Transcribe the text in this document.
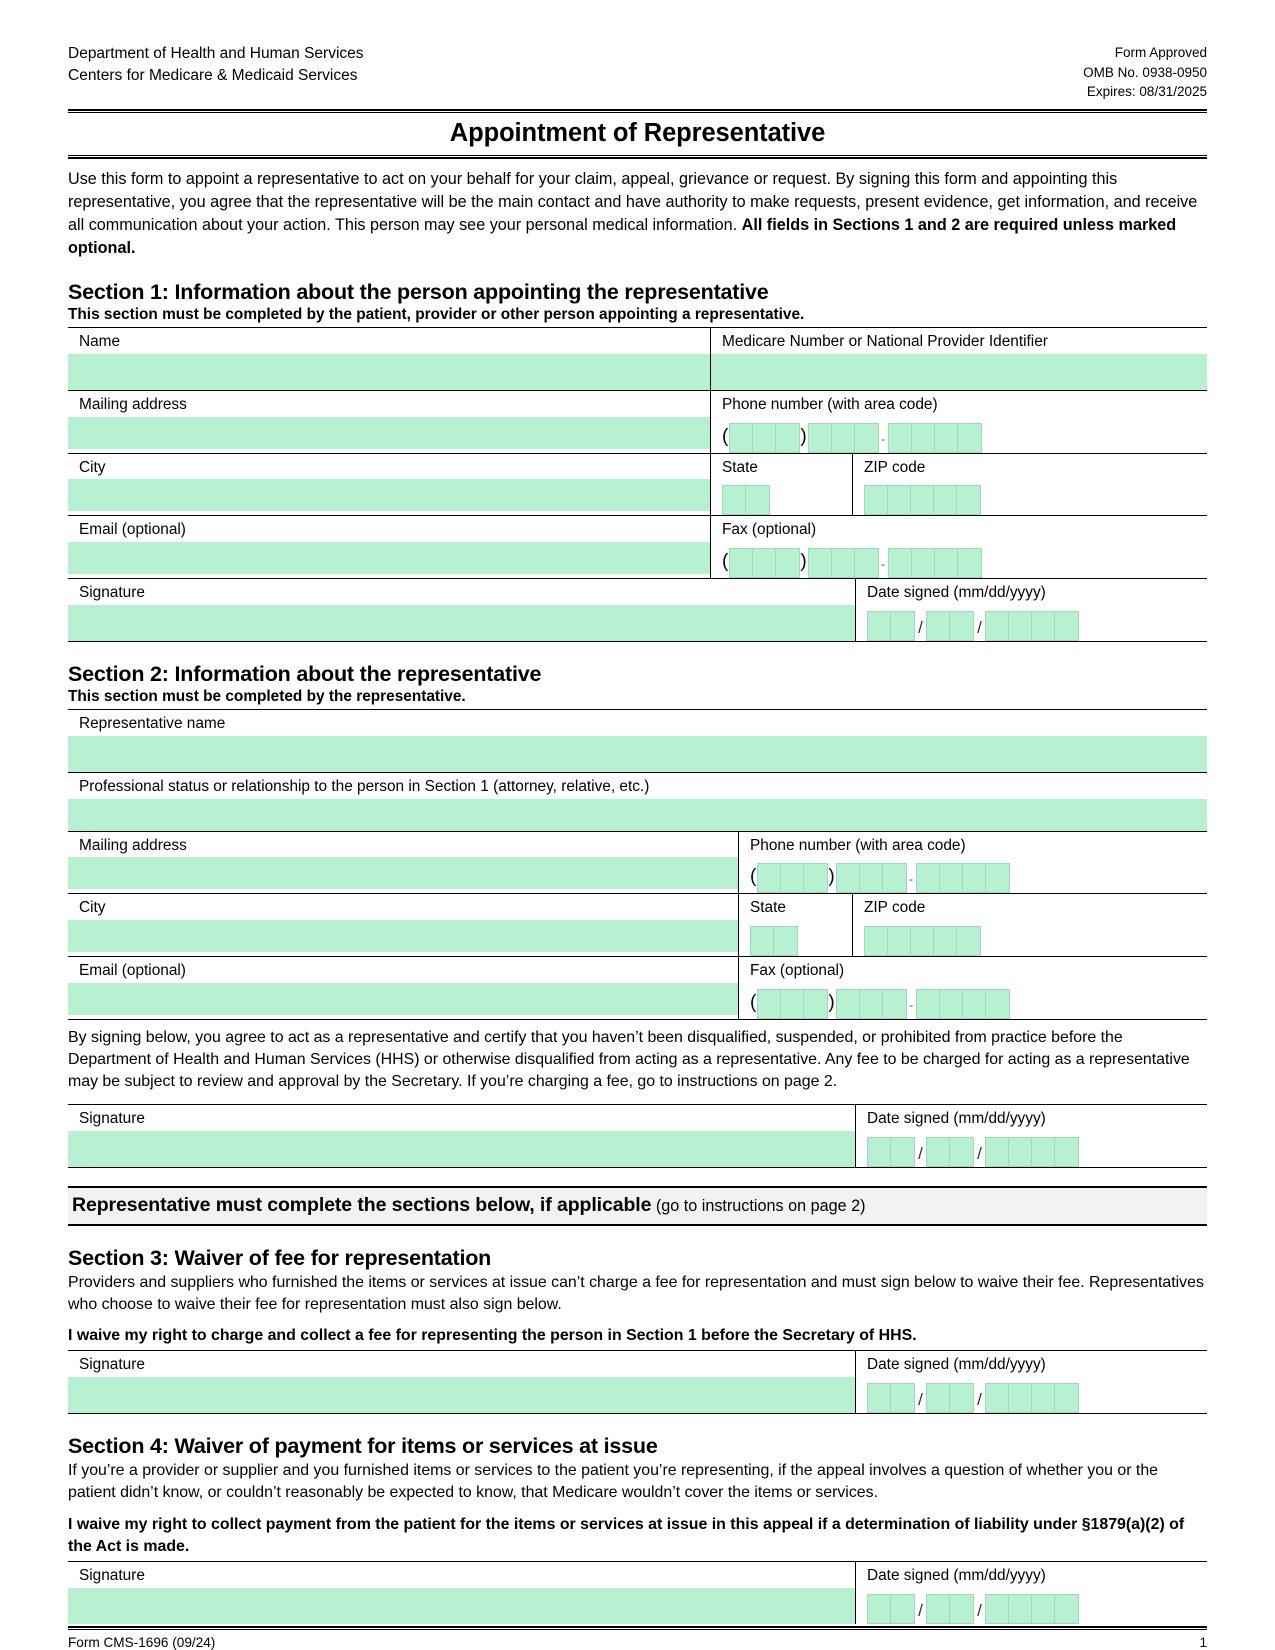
Department of Health and Human Services
Centers for Medicare & Medicaid Services
Form Approved
OMB No. 0938-0950
Expires: 08/31/2025
Appointment of Representative
Use this form to appoint a representative to act on your behalf for your claim, appeal, grievance or request. By signing this form and appointing this representative, you agree that the representative will be the main contact and have authority to make requests, present evidence, get information, and receive all communication about your action. This person may see your personal medical information. All fields in Sections 1 and 2 are required unless marked optional.
Section 1: Information about the person appointing the representative
This section must be completed by the patient, provider or other person appointing a representative.
Name	Medicare Number or National Provider Identifier
Mailing address	Phone number (with area code)
(	)	-
City	State	ZIP code
Email (optional)	Fax (optional)
(	)	-
Signature	Date signed (mm/dd/yyyy)
/	/
Section 2: Information about the representative
This section must be completed by the representative.
Representative name
Professional status or relationship to the person in Section 1 (attorney, relative, etc.)
Mailing address	Phone number (with area code)
(	)	-
City	State	ZIP code
Email (optional)	Fax (optional)
(	)	-
By signing below, you agree to act as a representative and certify that you haven’t been disqualified, suspended, or prohibited from practice before the Department of Health and Human Services (HHS) or otherwise disqualified from acting as a representative. Any fee to be charged for acting as a representative may be subject to review and approval by the Secretary. If you’re charging a fee, go to instructions on page 2.
Signature	Date signed (mm/dd/yyyy)
/	/
Representative must complete the sections below, if applicable (go to instructions on page 2)
Section 3: Waiver of fee for representation
Providers and suppliers who furnished the items or services at issue can’t charge a fee for representation and must sign below to waive their fee. Representatives who choose to waive their fee for representation must also sign below.
I waive my right to charge and collect a fee for representing the person in Section 1 before the Secretary of HHS.
Signature	Date signed (mm/dd/yyyy)
/	/
Section 4: Waiver of payment for items or services at issue
If you’re a provider or supplier and you furnished items or services to the patient you’re representing, if the appeal involves a question of whether you or the patient didn’t know, or couldn’t reasonably be expected to know, that Medicare wouldn’t cover the items or services.
I waive my right to collect payment from the patient for the items or services at issue in this appeal if a determination of liability under §1879(a)(2) of the Act is made.
Signature	Date signed (mm/dd/yyyy)
/	/
Form CMS-1696 (09/24)	1
